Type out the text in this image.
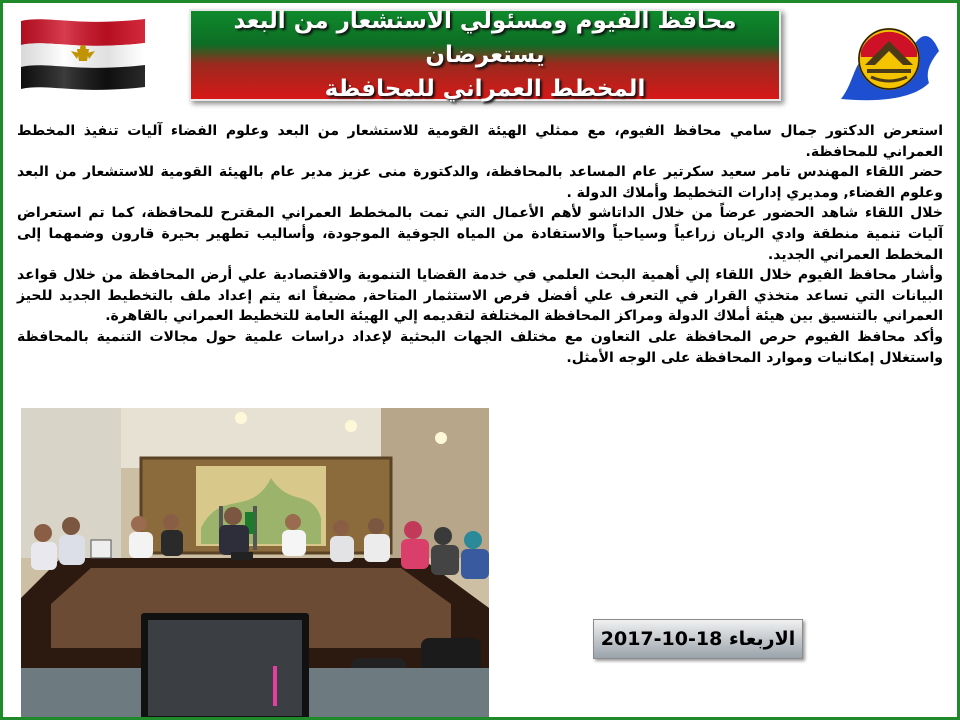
محافظ الفيوم ومسئولي الاستشعار من البعد يستعرضان
المخطط العمراني للمحافظة

استعرض الدكتور جمال سامي محافظ الفيوم، مع ممثلي الهيئة القومية للاستشعار من البعد وعلوم الفضاء آليات تنفيذ المخطط العمراني للمحافظة.

حضر اللقاء المهندس تامر سعيد سكرتير عام المساعد بالمحافظة، والدكتورة منى عزيز مدير عام بالهيئة القومية للاستشعار من البعد وعلوم الفضاء, ومديري إدارات التخطيط وأملاك الدولة .

خلال اللقاء شاهد الحضور عرضاً من خلال الداتاشو لأهم الأعمال التي تمت بالمخطط العمراني المقترح للمحافظة، كما تم استعراض آليات تنمية منطقة وادي الريان زراعياً وسياحياً والاستفادة من المياه الجوفية الموجودة، وأساليب تطهير بحيرة قارون وضمهما إلى المخطط العمراني الجديد.

وأشار محافظ الفيوم خلال اللقاء إلي أهمية البحث العلمي في خدمة القضايا التنموية والاقتصادية علي أرض المحافظة من خلال قواعد البيانات التي تساعد متخذي القرار في التعرف علي أفضل فرص الاستثمار المتاحة, مضيفاً انه يتم إعداد ملف بالتخطيط الجديد للحيز العمراني بالتنسيق بين هيئة أملاك الدولة ومراكز المحافظة المختلفة لتقديمه إلي الهيئة العامة للتخطيط العمراني بالقاهرة.

وأكد محافظ الفيوم حرص المحافظة على التعاون مع مختلف الجهات البحثية لإعداد دراسات علمية حول مجالات التنمية بالمحافظة واستغلال إمكانيات وموارد المحافظة على الوجه الأمثل.

الاربعاء 18-10-2017
